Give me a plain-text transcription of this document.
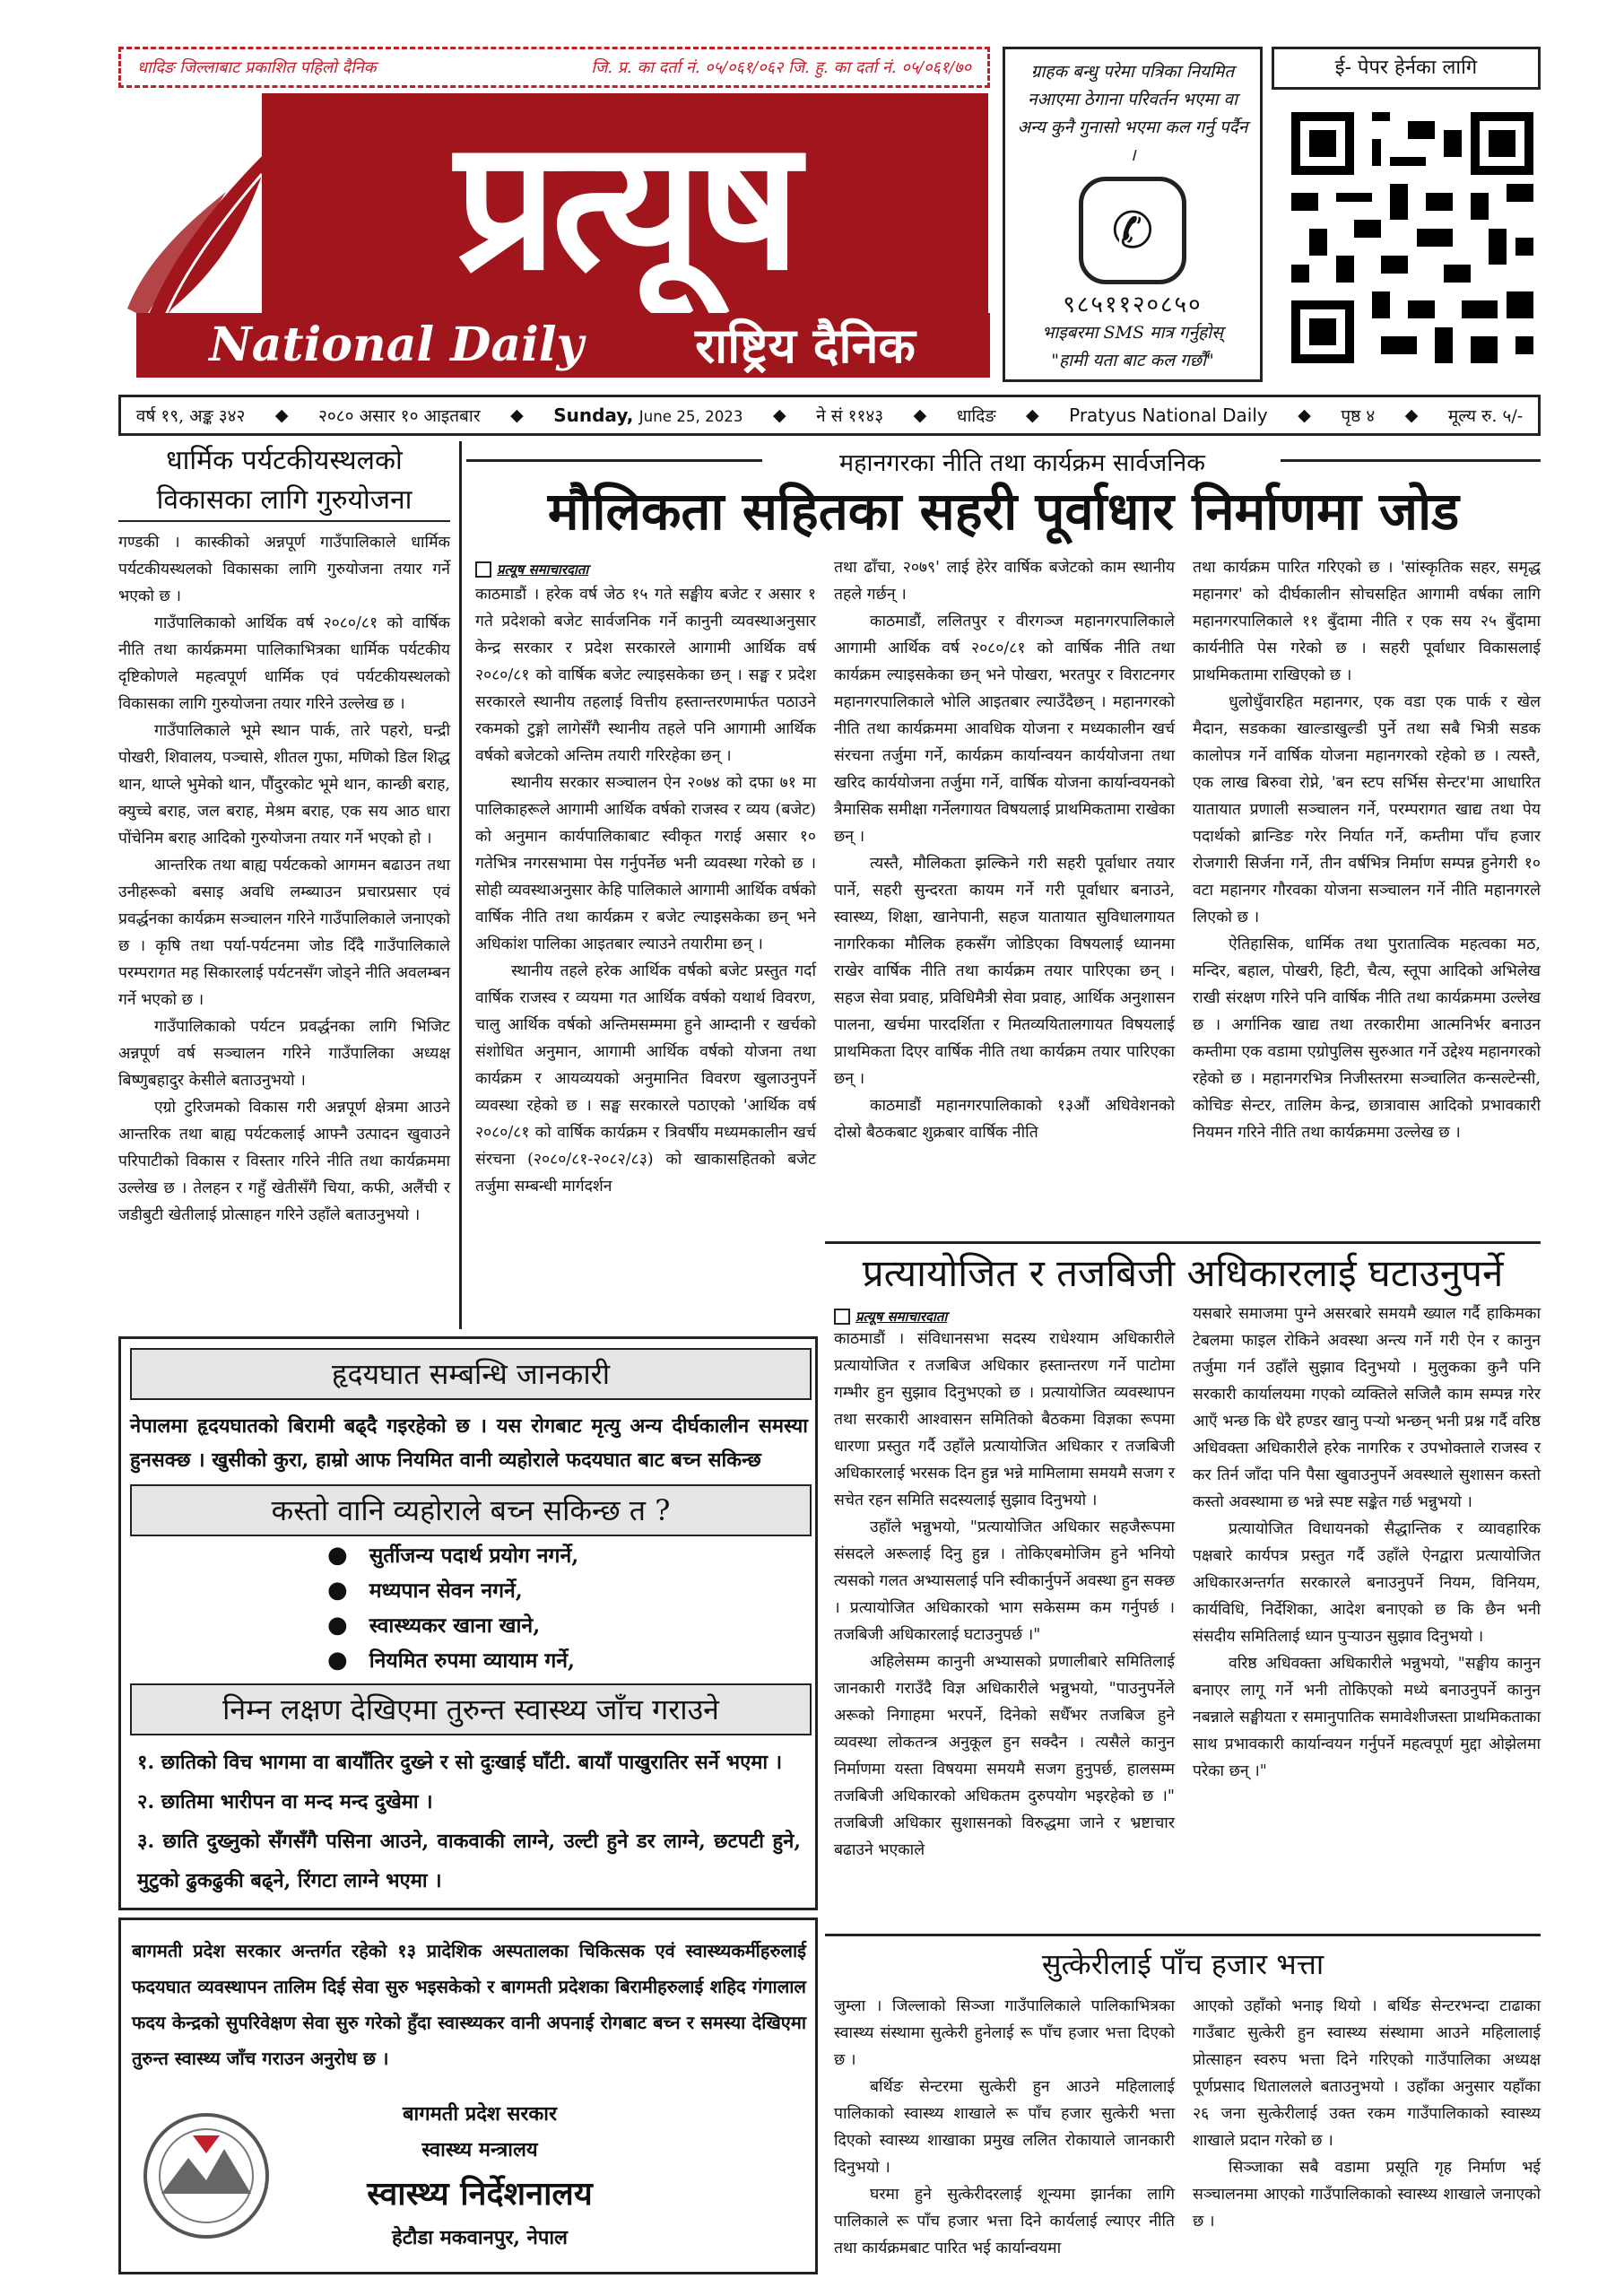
धादिङ जिल्लाबाट प्रकाशित पहिलो दैनिक	जि. प्र. का दर्ता नं. ०५/०६१/०६२ जि. हु. का दर्ता नं. ०५/०६१/७०
प्रत्यूष
National Daily	राष्ट्रिय दैनिक
ग्राहक बन्धु परेमा पत्रिका नियमित नआएमा ठेगाना परिवर्तन भएमा वा अन्य कुनै गुनासो भएमा कल गर्नु पर्दैन ।
✆
९८५११२०८५०
भाइबरमा SMS मात्र गर्नुहोस्
"हामी यता बाट कल गर्छौं"
ई- पेपर हेर्नका लागि
वर्ष १९, अङ्क ३४२ ◆ २०८० असार १० आइतबार ◆ Sunday, June 25, 2023 ◆ ने सं ११४३ ◆ धादिङ ◆ Pratyus National Daily ◆ पृष्ठ ४ ◆ मूल्य रु. ५/-
धार्मिक पर्यटकीयस्थलको
विकासका लागि गुरुयोजना

गण्डकी । कास्कीको अन्नपूर्ण गाउँपालिकाले धार्मिक पर्यटकीयस्थलको विकासका लागि गुरुयोजना तयार गर्ने भएको छ ।

गाउँपालिकाको आर्थिक वर्ष २०८०/८१ को वार्षिक नीति तथा कार्यक्रममा पालिकाभित्रका धार्मिक पर्यटकीय दृष्टिकोणले महत्वपूर्ण धार्मिक एवं पर्यटकीयस्थलको विकासका लागि गुरुयोजना तयार गरिने उल्लेख छ ।

गाउँपालिकाले भूमे स्थान पार्क, तारे पहरो, घन्द्री पोखरी, शिवालय, पञ्चासे, शीतल गुफा, मणिको डिल शिद्ध थान, थाप्ले भुमेको थान, पौंदुरकोट भूमे थान, कान्छी बराह, क्युच्चे बराह, जल बराह, मेश्रम बराह, एक सय आठ धारा पोंचेनिम बराह आदिको गुरुयोजना तयार गर्ने भएको हो ।

आन्तरिक तथा बाह्य पर्यटकको आगमन बढाउन तथा उनीहरूको बसाइ अवधि लम्ब्याउन प्रचारप्रसार एवं प्रवर्द्धनका कार्यक्रम सञ्चालन गरिने गाउँपालिकाले जनाएको छ । कृषि तथा पर्या-पर्यटनमा जोड दिँदै गाउँपालिकाले परम्परागत मह सिकारलाई पर्यटनसँग जोड्ने नीति अवलम्बन गर्ने भएको छ ।

गाउँपालिकाको पर्यटन प्रवर्द्धनका लागि भिजिट अन्नपूर्ण वर्ष सञ्चालन गरिने गाउँपालिका अध्यक्ष बिष्णुबहादुर केसीले बताउनुभयो ।

एग्रो टुरिजमको विकास गरी अन्नपूर्ण क्षेत्रमा आउने आन्तरिक तथा बाह्य पर्यटकलाई आफ्नै उत्पादन खुवाउने परिपाटीको विकास र विस्तार गरिने नीति तथा कार्यक्रममा उल्लेख छ । तेलहन र गहुँ खेतीसँगै चिया, कफी, अलैंची र जडीबुटी खेतीलाई प्रोत्साहन गरिने उहाँले बताउनुभयो ।

महानगरका नीति तथा कार्यक्रम सार्वजनिक
मौलिकता सहितका सहरी पूर्वाधार निर्माणमा जोड
प्रत्यूष समाचारदाता

काठमाडौं । हरेक वर्ष जेठ १५ गते सङ्घीय बजेट र असार १ गते प्रदेशको बजेट सार्वजनिक गर्ने कानुनी व्यवस्थाअनुसार केन्द्र सरकार र प्रदेश सरकारले आगामी आर्थिक वर्ष २०८०/८१ को वार्षिक बजेट ल्याइसकेका छन् । सङ्घ र प्रदेश सरकारले स्थानीय तहलाई वित्तीय हस्तान्तरणमार्फत पठाउने रकमको टुङ्गो लागेसँगै स्थानीय तहले पनि आगामी आर्थिक वर्षको बजेटको अन्तिम तयारी गरिरहेका छन् ।

स्थानीय सरकार सञ्चालन ऐन २०७४ को दफा ७१ मा पालिकाहरूले आगामी आर्थिक वर्षको राजस्व र व्यय (बजेट) को अनुमान कार्यपालिकाबाट स्वीकृत गराई असार १० गतेभित्र नगरसभामा पेस गर्नुपर्नेछ भनी व्यवस्था गरेको छ । सोही व्यवस्थाअनुसार केहि पालिकाले आगामी आर्थिक वर्षको वार्षिक नीति तथा कार्यक्रम र बजेट ल्याइसकेका छन् भने अधिकांश पालिका आइतबार ल्याउने तयारीमा छन् ।

स्थानीय तहले हरेक आर्थिक वर्षको बजेट प्रस्तुत गर्दा वार्षिक राजस्व र व्ययमा गत आर्थिक वर्षको यथार्थ विवरण, चालु आर्थिक वर्षको अन्तिमसम्ममा हुने आम्दानी र खर्चको संशोधित अनुमान, आगामी आर्थिक वर्षको योजना तथा कार्यक्रम र आयव्ययको अनुमानित विवरण खुलाउनुपर्ने व्यवस्था रहेको छ । सङ्घ सरकारले पठाएको 'आर्थिक वर्ष २०८०/८१ को वार्षिक कार्यक्रम र त्रिवर्षीय मध्यमकालीन खर्च संरचना (२०८०/८१-२०८२/८३) को खाकासहितको बजेट तर्जुमा सम्बन्धी मार्गदर्शन

तथा ढाँचा, २०७९' लाई हेरेर वार्षिक बजेटको काम स्थानीय तहले गर्छन् ।

काठमाडौं, ललितपुर र वीरगञ्ज महानगरपालिकाले आगामी आर्थिक वर्ष २०८०/८१ को वार्षिक नीति तथा कार्यक्रम ल्याइसकेका छन् भने पोखरा, भरतपुर र विराटनगर महानगरपालिकाले भोलि आइतबार ल्याउँदैछन् । महानगरको नीति तथा कार्यक्रममा आवधिक योजना र मध्यकालीन खर्च संरचना तर्जुमा गर्ने, कार्यक्रम कार्यान्वयन कार्ययोजना तथा खरिद कार्ययोजना तर्जुमा गर्ने, वार्षिक योजना कार्यान्वयनको त्रैमासिक समीक्षा गर्नेलगायत विषयलाई प्राथमिकतामा राखेका छन् ।

त्यस्तै, मौलिकता झल्किने गरी सहरी पूर्वाधार तयार पार्ने, सहरी सुन्दरता कायम गर्ने गरी पूर्वाधार बनाउने, स्वास्थ्य, शिक्षा, खानेपानी, सहज यातायात सुविधालगायत नागरिकका मौलिक हकसँग जोडिएका विषयलाई ध्यानमा राखेर वार्षिक नीति तथा कार्यक्रम तयार पारिएका छन् । सहज सेवा प्रवाह, प्रविधिमैत्री सेवा प्रवाह, आर्थिक अनुशासन पालना, खर्चमा पारदर्शिता र मितव्ययितालगायत विषयलाई प्राथमिकता दिएर वार्षिक नीति तथा कार्यक्रम तयार पारिएका छन् ।

काठमाडौं महानगरपालिकाको १३औं अधिवेशनको दोस्रो बैठकबाट शुक्रबार वार्षिक नीति

तथा कार्यक्रम पारित गरिएको छ । 'सांस्कृतिक सहर, समृद्ध महानगर' को दीर्घकालीन सोचसहित आगामी वर्षका लागि महानगरपालिकाले ११ बुँदामा नीति र एक सय २५ बुँदामा कार्यनीति पेस गरेको छ । सहरी पूर्वाधार विकासलाई प्राथमिकतामा राखिएको छ ।

धुलोधुँवारहित महानगर, एक वडा एक पार्क र खेल मैदान, सडकका खाल्डाखुल्डी पुर्ने तथा सबै भित्री सडक कालोपत्र गर्ने वार्षिक योजना महानगरको रहेको छ । त्यस्तै, एक लाख बिरुवा रोप्ने, 'बन स्टप सर्भिस सेन्टर'मा आधारित यातायात प्रणाली सञ्चालन गर्ने, परम्परागत खाद्य तथा पेय पदार्थको ब्रान्डिङ गरेर निर्यात गर्ने, कम्तीमा पाँच हजार रोजगारी सिर्जना गर्ने, तीन वर्षभित्र निर्माण सम्पन्न हुनेगरी १० वटा महानगर गौरवका योजना सञ्चालन गर्ने नीति महानगरले लिएको छ ।

ऐतिहासिक, धार्मिक तथा पुरातात्विक महत्वका मठ, मन्दिर, बहाल, पोखरी, हिटी, चैत्य, स्तूपा आदिको अभिलेख राखी संरक्षण गरिने पनि वार्षिक नीति तथा कार्यक्रममा उल्लेख छ । अर्गानिक खाद्य तथा तरकारीमा आत्मनिर्भर बनाउन कम्तीमा एक वडामा एग्रोपुलिस सुरुआत गर्ने उद्देश्य महानगरको रहेको छ । महानगरभित्र निजीस्तरमा सञ्चालित कन्सल्टेन्सी, कोचिङ सेन्टर, तालिम केन्द्र, छात्रावास आदिको प्रभावकारी नियमन गरिने नीति तथा कार्यक्रममा उल्लेख छ ।

प्रत्यायोजित र तजबिजी अधिकारलाई घटाउनुपर्ने
प्रत्यूष समाचारदाता

काठमाडौं । संविधानसभा सदस्य राधेश्याम अधिकारीले प्रत्यायोजित र तजबिज अधिकार हस्तान्तरण गर्ने पाटोमा गम्भीर हुन सुझाव दिनुभएको छ । प्रत्यायोजित व्यवस्थापन तथा सरकारी आश्वासन समितिको बैठकमा विज्ञका रूपमा धारणा प्रस्तुत गर्दै उहाँले प्रत्यायोजित अधिकार र तजबिजी अधिकारलाई भरसक दिन हुन्न भन्ने मामिलामा समयमै सजग र सचेत रहन समिति सदस्यलाई सुझाव दिनुभयो ।

उहाँले भन्नुभयो, "प्रत्यायोजित अधिकार सहजैरूपमा संसदले अरूलाई दिनु हुन्न । तोकिएबमोजिम हुने भनियो त्यसको गलत अभ्यासलाई पनि स्वीकार्नुपर्ने अवस्था हुन सक्छ । प्रत्यायोजित अधिकारको भाग सकेसम्म कम गर्नुपर्छ । तजबिजी अधिकारलाई घटाउनुपर्छ ।"

अहिलेसम्म कानुनी अभ्यासको प्रणालीबारे समितिलाई जानकारी गराउँदै विज्ञ अधिकारीले भन्नुभयो, "पाउनुपर्नेले अरूको निगाहमा भरपर्ने, दिनेको सधैँभर तजबिज हुने व्यवस्था लोकतन्त्र अनुकूल हुन सक्दैन । त्यसैले कानुन निर्माणमा यस्ता विषयमा समयमै सजग हुनुपर्छ, हालसम्म तजबिजी अधिकारको अधिकतम दुरुपयोग भइरहेको छ ।" तजबिजी अधिकार सुशासनको विरुद्धमा जाने र भ्रष्टाचार बढाउने भएकाले

यसबारे समाजमा पुग्ने असरबारे समयमै ख्याल गर्दै हाकिमका टेबलमा फाइल रोकिने अवस्था अन्त्य गर्ने गरी ऐन र कानुन तर्जुमा गर्न उहाँले सुझाव दिनुभयो । मुलुकका कुनै पनि सरकारी कार्यालयमा गएको व्यक्तिले सजिलै काम सम्पन्न गरेर आएँ भन्छ कि धेरै हण्डर खानु पर्‍यो भन्छन् भनी प्रश्न गर्दै वरिष्ठ अधिवक्ता अधिकारीले हरेक नागरिक र उपभोक्ताले राजस्व र कर तिर्न जाँदा पनि पैसा खुवाउनुपर्ने अवस्थाले सुशासन कस्तो कस्तो अवस्थामा छ भन्ने स्पष्ट सङ्केत गर्छ भन्नुभयो ।

प्रत्यायोजित विधायनको सैद्धान्तिक र व्यावहारिक पक्षबारे कार्यपत्र प्रस्तुत गर्दै उहाँले ऐनद्वारा प्रत्यायोजित अधिकारअन्तर्गत सरकारले बनाउनुपर्ने नियम, विनियम, कार्यविधि, निर्देशिका, आदेश बनाएको छ कि छैन भनी संसदीय समितिलाई ध्यान पुर्‍याउन सुझाव दिनुभयो ।

वरिष्ठ अधिवक्ता अधिकारीले भन्नुभयो, "सङ्घीय कानुन बनाएर लागू गर्ने भनी तोकिएको मध्ये बनाउनुपर्ने कानुन नबन्नाले सङ्घीयता र समानुपातिक समावेशीजस्ता प्राथमिकताका साथ प्रभावकारी कार्यान्वयन गर्नुपर्ने महत्वपूर्ण मुद्दा ओझेलमा परेका छन् ।"

सुत्केरीलाई पाँच हजार भत्ता

जुम्ला । जिल्लाको सिञ्जा गाउँपालिकाले पालिकाभित्रका स्वास्थ्य संस्थामा सुत्केरी हुनेलाई रू पाँच हजार भत्ता दिएको छ ।

बर्थिङ सेन्टरमा सुत्केरी हुन आउने महिलालाई पालिकाको स्वास्थ्य शाखाले रू पाँच हजार सुत्केरी भत्ता दिएको स्वास्थ्य शाखाका प्रमुख ललित रोकायाले जानकारी दिनुभयो ।

घरमा हुने सुत्केरीदरलाई शून्यमा झार्नका लागि पालिकाले रू पाँच हजार भत्ता दिने कार्यलाई ल्याएर नीति तथा कार्यक्रमबाट पारित भई कार्यान्वयमा

आएको उहाँको भनाइ थियो । बर्थिङ सेन्टरभन्दा टाढाका गाउँबाट सुत्केरी हुन स्वास्थ्य संस्थामा आउने महिलालाई प्रोत्साहन स्वरुप भत्ता दिने गरिएको गाउँपालिका अध्यक्ष पूर्णप्रसाद धिताललले बताउनुभयो । उहाँका अनुसार यहाँका २६ जना सुत्केरीलाई उक्त रकम गाउँपालिकाको स्वास्थ्य शाखाले प्रदान गरेको छ ।

सिञ्जाका सबै वडामा प्रसूति गृह निर्माण भई सञ्चालनमा आएको गाउँपालिकाको स्वास्थ्य शाखाले जनाएको छ ।

हृदयघात सम्बन्धि जानकारी
नेपालमा हृदयघातको बिरामी बढ्दै गइरहेको छ । यस रोगबाट मृत्यु अन्य दीर्घकालीन समस्या हुनसक्छ । खुसीको कुरा, हाम्रो आफ नियमित वानी व्यहोराले फदयघात बाट बच्न सकिन्छ
कस्तो वानि व्यहोराले बच्न सकिन्छ त ?
● सुर्तीजन्य पदार्थ प्रयोग नगर्ने,
● मध्यपान सेवन नगर्ने,
● स्वास्थ्यकर खाना खाने,
● नियमित रुपमा व्यायाम गर्ने,
निम्न लक्षण देखिएमा तुरुन्त स्वास्थ्य जाँच गराउने
१. छातिको विच भागमा वा बायाँतिर दुख्ने र सो दुःखाई घाँटी. बायाँ पाखुरातिर सर्ने भएमा ।
२. छातिमा भारीपन वा मन्द मन्द दुखेमा ।
३. छाति दुख्नुको सँगसँगै पसिना आउने, वाकवाकी लाग्ने, उल्टी हुने डर लाग्ने, छटपटी हुने, मुटुको ढुकढुकी बढ्ने, रिंगटा लाग्ने भएमा ।
बागमती प्रदेश सरकार अन्तर्गत रहेको १३ प्रादेशिक अस्पतालका चिकित्सक एवं स्वास्थ्यकर्मीहरुलाई फदयघात व्यवस्थापन तालिम दिई सेवा सुरु भइसकेको र बागमती प्रदेशका बिरामीहरुलाई शहिद गंगालाल फदय केन्द्रको सुपरिवेक्षण सेवा सुरु गरेको हुँदा स्वास्थ्यकर वानी अपनाई रोगबाट बच्न र समस्या देखिएमा तुरुन्त स्वास्थ्य जाँच गराउन अनुरोध छ ।
बागमती प्रदेश सरकार
स्वास्थ्य मन्त्रालय
स्वास्थ्य निर्देशनालय
हेटौडा मकवानपुर, नेपाल
